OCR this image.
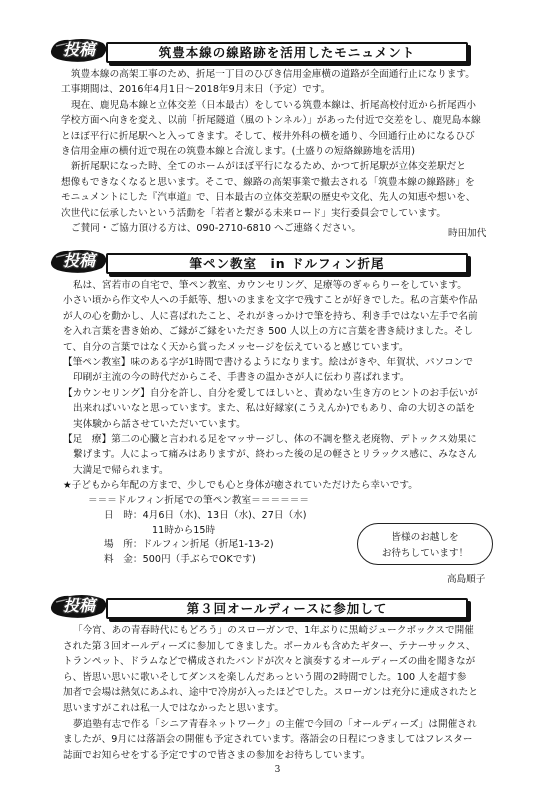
投稿	筑豊本線の線路跡を活用したモニュメント

筑豊本線の高架工事のため、折尾一丁目のひびき信用金庫横の道路が全面通行止になります。

工事期間は、2016年4月1日～2018年9月末日（予定）です。

現在、鹿児島本線と立体交差（日本最古）をしている筑豊本線は、折尾高校付近から折尾西小

学校方面へ向きを変え、以前「折尾隧道（風のトンネル）」があった付近で交差をし、鹿児島本線

とほぼ平行に折尾駅へと入ってきます。そして、桜井外科の横を通り、今回通行止めになるひび

き信用金庫の横付近で現在の筑豊本線と合流します。(土盛りの短絡線跡地を活用)

新折尾駅になった時、全てのホームがほぼ平行になるため、かつて折尾駅が立体交差駅だと

想像もできなくなると思います。そこで、線路の高架事業で撤去される「筑豊本線の線路跡」を

モニュメントにした『汽車道』で、日本最古の立体交差駅の歴史や文化、先人の知恵や想いを、

次世代に伝承したいという活動を「若者と繋がる未来ロード」実行委員会でしています。

ご賛同・ご協力頂ける方は、090-2710-6810 へご連絡ください。	時田加代
投稿	筆ペン教室　in ドルフィン折尾

私は、宮若市の自宅で、筆ペン教室、カウンセリング、足療等のぎゃらりーをしています。

小さい頃から作文や人への手紙等、想いのままを文字で残すことが好きでした。私の言葉や作品

が人の心を動かし、人に喜ばれたこと、それがきっかけで筆を持ち、利き手ではない左手で名前

を入れ言葉を書き始め、ご縁がご縁をいただき 500 人以上の方に言葉を書き続けました。そし

て、自分の言葉ではなく天から賞ったメッセージを伝えていると感じています。

【筆ペン教室】味のある字が1時間で書けるようになります。絵はがきや、年賀状、パソコンで

印刷が主流の今の時代だからこそ、手書きの温かさが人に伝わり喜ばれます。

【カウンセリング】自分を許し、自分を愛してほしいと、責めない生き方のヒントのお手伝いが

出来ればいいなと思っています。また、私は好縁家(こうえんか)でもあり、命の大切さの話を

実体験から話させていただいています。

【足　療】第二の心臓と言われる足をマッサージし、体の不調を整え老廃物、デトックス効果に

繋げます。人によって痛みはありますが、終わった後の足の軽さとリラックス感に、みなさん

大満足で帰られます。

★子どもから年配の方まで、少しでも心と身体が癒されていただけたら幸いです。

＝＝＝ドルフィン折尾での筆ペン教室＝＝＝＝＝＝

日　時：4月6日（水)、13日（水)、27日（水)

11時から15時

場　所：ドルフィン折尾（折尾1-13-2)

料　金：500円（手ぶらでOKです)

皆様のお越しを
お待ちしています！
高島順子
投稿	第３回オールディースに参加して

「今宵、あの青春時代にもどろう」のスローガンで、1年ぶりに黒崎ジュークボックスで開催

された第３回オールディーズに参加してきました。ボーカルも含めたギター、テナーサックス、

トランペット、ドラムなどで構成されたバンドが次々と演奏するオールディーズの曲を聞きなが

ら、皆思い思いに歌いそしてダンスを楽しんだあっという間の2時間でした。100 人を超す参

加者で会場は熱気にあふれ、途中で冷房が入ったほどでした。スローガンは充分に達成されたと

思いますがこれは私一人ではなかったと思います。

夢追塾有志で作る「シニア青春ネットワーク」の主催で今回の「オールディーズ」は開催され

ましたが、9月には落語会の開催も予定されています。落語会の日程につきましてはフレスター

誌面でお知らせをする予定ですので皆さまの参加をお待ちしています。

3
